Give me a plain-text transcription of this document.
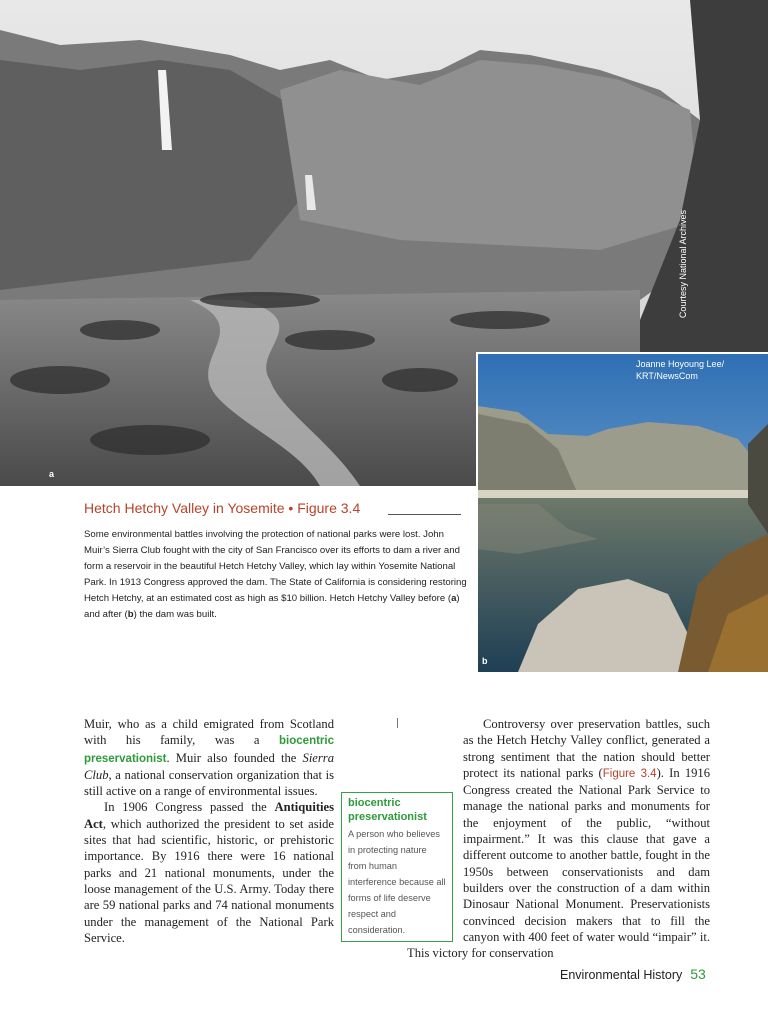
a
Courtesy National Archives
Joanne Hoyoung Lee/
KRT/NewsCom
b
Hetch Hetchy Valley in Yosemite • Figure 3.4
Some environmental battles involving the protection of national parks were lost. John Muir’s Sierra Club fought with the city of San Francisco over its efforts to dam a river and form a reservoir in the beautiful Hetch Hetchy Valley, which lay within Yosemite National Park. In 1913 Congress approved the dam. The State of California is considering restoring Hetch Hetchy, at an estimated cost as high as $10 billion. Hetch Hetchy Valley before (a) and after (b) the dam was built.

Muir, who as a child emigrated from Scotland with his family, was a biocentric preservationist. Muir also founded the Sierra Club, a national conservation organization that is still active on a range of environmental issues.

In 1906 Congress passed the Antiquities Act, which authorized the president to set aside sites that had scientific, historic, or prehistoric importance. By 1916 there were 16 national parks and 21 national monuments, under the loose management of the U.S. Army. Today there are 59 national parks and 74 national monuments under the management of the National Park Service.

Controversy over preservation battles, such as the Hetch Hetchy Valley conflict, generated a strong sentiment that the nation should better protect its national parks (Figure 3.4). In 1916 Congress created the National Park Service to manage the national parks and monuments for the enjoyment of the public, “without impairment.” It was this clause that gave a different outcome to another battle, fought in the 1950s between conservationists and dam builders over the construction of a dam within Dinosaur National Monument. Preservationists convinced decision makers that to fill the canyon with 400 feet of water would “impair” it. This victory for conservation

biocentric preservationist
A person who believes in protecting nature from human interference because all forms of life deserve respect and consideration.
Environmental History 53
